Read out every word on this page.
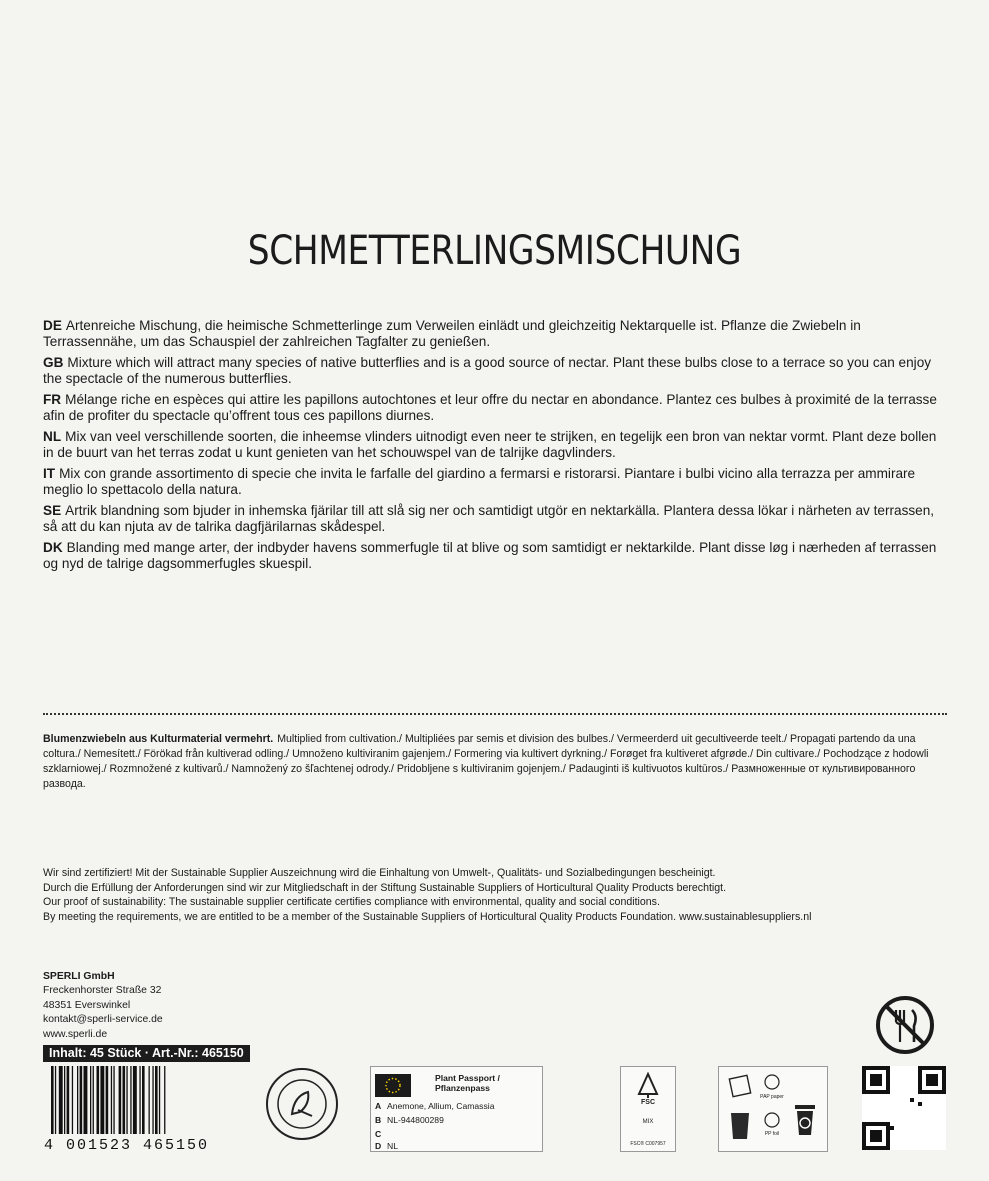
SCHMETTERLINGSMISCHUNG
DE Artenreiche Mischung, die heimische Schmetterlinge zum Verweilen einlädt und gleichzeitig Nektarquelle ist. Pflanze die Zwiebeln in Terrassennähe, um das Schauspiel der zahlreichen Tagfalter zu genießen.
GB Mixture which will attract many species of native butterflies and is a good source of nectar. Plant these bulbs close to a terrace so you can enjoy the spectacle of the numerous butterflies.
FR Mélange riche en espèces qui attire les papillons autochtones et leur offre du nectar en abondance. Plantez ces bulbes à proximité de la terrasse afin de profiter du spectacle qu’offrent tous ces papillons diurnes.
NL Mix van veel verschillende soorten, die inheemse vlinders uitnodigt even neer te strijken, en tegelijk een bron van nektar vormt. Plant deze bollen in de buurt van het terras zodat u kunt genieten van het schouwspel van de talrijke dagvlinders.
IT Mix con grande assortimento di specie che invita le farfalle del giardino a fermarsi e ristorarsi. Piantare i bulbi vicino alla terrazza per ammirare meglio lo spettacolo della natura.
SE Artrik blandning som bjuder in inhemska fjärilar till att slå sig ner och samtidigt utgör en nektarkälla. Plantera dessa lökar i närheten av terrassen, så att du kan njuta av de talrika dagfjärilarnas skådespel.
DK Blanding med mange arter, der indbyder havens sommerfugle til at blive og som samtidigt er nektarkilde. Plant disse løg i nærheden af terrassen og nyd de talrige dagsommerfugles skuespil.
Blumenzwiebeln aus Kulturmaterial vermehrt. Multiplied from cultivation./ Multipliées par semis et division des bulbes./ Vermeerderd uit gecultiveerde teelt./ Propagati partendo da una coltura./ Nemesített./ Förökad från kultiverad odling./ Umnoženo kultiviranim gajenjem./ Formering via kultivert dyrkning./ Forøget fra kultiveret afgrøde./ Din cultivare./ Pochodzące z hodowli szklarniowej./ Rozmnožené z kultivarů./ Namnožený zo šľachtenej odrody./ Pridobljene s kultiviranim gojenjem./ Padauginti iš kultivuotos kultūros./ Размноженные от культивированного развода.
Wir sind zertifiziert! Mit der Sustainable Supplier Auszeichnung wird die Einhaltung von Umwelt-, Qualitäts- und Sozialbedingungen bescheinigt.
Durch die Erfüllung der Anforderungen sind wir zur Mitgliedschaft in der Stiftung Sustainable Suppliers of Horticultural Quality Products berechtigt.
Our proof of sustainability: The sustainable supplier certificate certifies compliance with environmental, quality and social conditions.
By meeting the requirements, we are entitled to be a member of the Sustainable Suppliers of Horticultural Quality Products Foundation. www.sustainablesuppliers.nl
SPERLI GmbH
Freckenhorster Straße 32
48351 Everswinkel
kontakt@sperli-service.de
www.sperli.de
Inhalt: 45 Stück · Art.-Nr.: 465150
4 001523 465150
Plant Passport / Pflanzenpass
A Anemone, Allium, Camassia
B NL-944800289
C
D NL
FSC
MIX
FSC® C007957
PAP paper
PP foil
